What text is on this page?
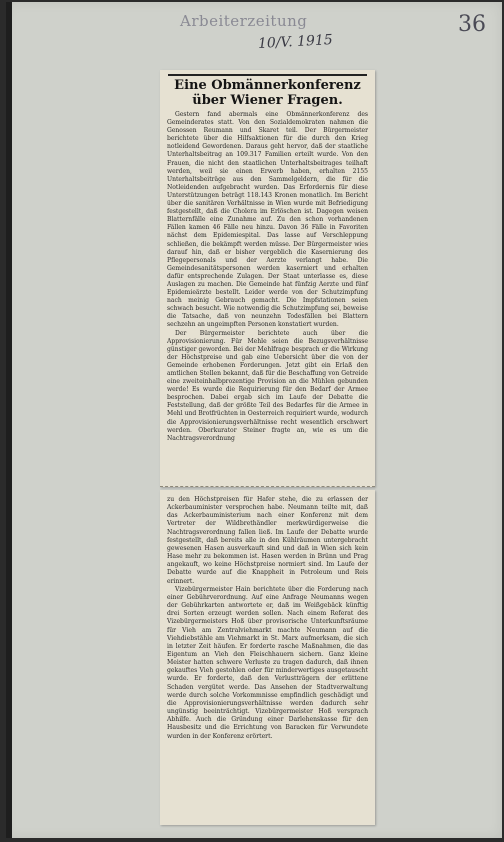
Arbeiterzeitung
10/V. 1915
36
Eine Obmännerkonferenz über Wiener Fragen.

Gestern fand abermals eine Obmännerkonferenz des Gemeinderates statt. Von den Sozialdemokraten nahmen die Genossen Reumann und Skaret teil. Der Bürgermeister berichtete über die Hilfsaktionen für die durch den Krieg notleidend Gewordenen. Daraus geht hervor, daß der staatliche Unterhaltsbeitrag an 109.317 Familien erteilt wurde. Von den Frauen, die nicht den staatlichen Unterhaltsbeitrages teilhaft werden, weil sie einen Erwerb haben, erhalten 2155 Unterhaltsbeiträge aus den Sammelgeldern, die für die Notleidenden aufgebracht wurden. Das Erfordernis für diese Unterstützungen beträgt 118.143 Kronen monatlich. Im Bericht über die sanitären Verhältnisse in Wien wurde mit Befriedigung festgestellt, daß die Cholera im Erlöschen ist. Dagegen weisen Blatternfälle eine Zunahme auf. Zu den schon vorhandenen Fällen kamen 46 Fälle neu hinzu. Davon 36 Fälle in Favoriten nächst dem Epidemiespital. Das lasse auf Verschleppung schließen, die bekämpft werden müsse. Der Bürgermeister wies darauf hin, daß er bisher vergeblich die Kasernierung des Pflegepersonals und der Aerzte verlangt habe. Die Gemeindesanitätspersonen werden kaserniert und erhalten dafür entsprechende Zulagen. Der Staat unterlasse es, diese Auslagen zu machen. Die Gemeinde hat fünfzig Aerzte und fünf Epidemieärzte bestellt. Leider werde von der Schutzimpfung nach meinig Gebrauch gemacht. Die Impfstationen seien schwach besucht. Wie notwendig die Schutzimpfung sei, beweise die Tatsache, daß von neunzehn Todesfällen bei Blattern sechzehn an ungeimpften Personen konstatiert wurden.

Der Bürgermeister berichtete auch über die Approvisionierung. Für Mehle seien die Bezugsverhältnisse günstiger geworden. Bei der Mehlfrage besprach er die Wirkung der Höchstpreise und gab eine Uebersicht über die von der Gemeinde erhobenen Forderungen. Jetzt gibt ein Erlaß den amtlichen Stellen bekannt, daß für die Beschaffung von Getreide eine zweiteinhalbprozentige Provision an die Mühlen gebunden werde! Es wurde die Requirierung für den Bedarf der Armee besprochen. Dabei ergab sich im Laufe der Debatte die Feststellung, daß der größte Teil des Bedarfes für die Armee in Mehl und Brotfrüchten in Oesterreich requiriert wurde, wodurch die Approvisionierungsverhältnisse recht wesentlich erschwert werden. Oberkurator Steiner fragte an, wie es um die Nachtragsverordnung

zu den Höchstpreisen für Hafer stehe, die zu erlassen der Ackerbauminister versprochen habe. Neumann teilte mit, daß das Ackerbauministerium nach einer Konferenz mit dem Vertreter der Wildbrethändler merkwürdigerweise die Nachtragsverordnung fallen ließ. Im Laufe der Debatte wurde festgestellt, daß bereits alle in den Kühlräumen untergebracht gewesenen Hasen ausverkauft sind und daß in Wien sich kein Hase mehr zu bekommen ist. Hasen werden in Brünn und Prag angekauft, wo keine Höchstpreise normiert sind. Im Laufe der Debatte wurde auf die Knappheit in Petroleum und Reis erinnert.

Vizebürgermeister Hain berichtete über die Forderung nach einer Gebührverordnung. Auf eine Anfrage Neumanns wegen der Gebührkarten antwortete er, daß im Weißgebäck künftig drei Sorten erzeugt werden sollen. Nach einem Referat des Vizebürgermeisters Hoß über provisorische Unterkunftsräume für Vieh am Zentralviehmarkt machte Neumann auf die Viehdiebstähle am Viehmarkt in St. Marx aufmerksam, die sich in letzter Zeit häufen. Er forderte rasche Maßnahmen, die das Eigentum an Vieh den Fleischhauern sichern. Ganz kleine Meister hatten schwere Verluste zu tragen dadurch, daß ihnen gekauftes Vieh gestohlen oder für minderwertiges ausgetauscht wurde. Er forderte, daß den Verlustträgern der erlittene Schaden vergütet werde. Das Ansehen der Stadtverwaltung werde durch solche Vorkommnisse empfindlich geschädigt und die Approvisionierungsverhältnisse werden dadurch sehr ungünstig beeinträchtigt. Vizebürgermeister Hoß versprach Abhilfe. Auch die Gründung einer Darlehenskasse für den Hausbesitz und die Errichtung von Baracken für Verwundete wurden in der Konferenz erörtert.
